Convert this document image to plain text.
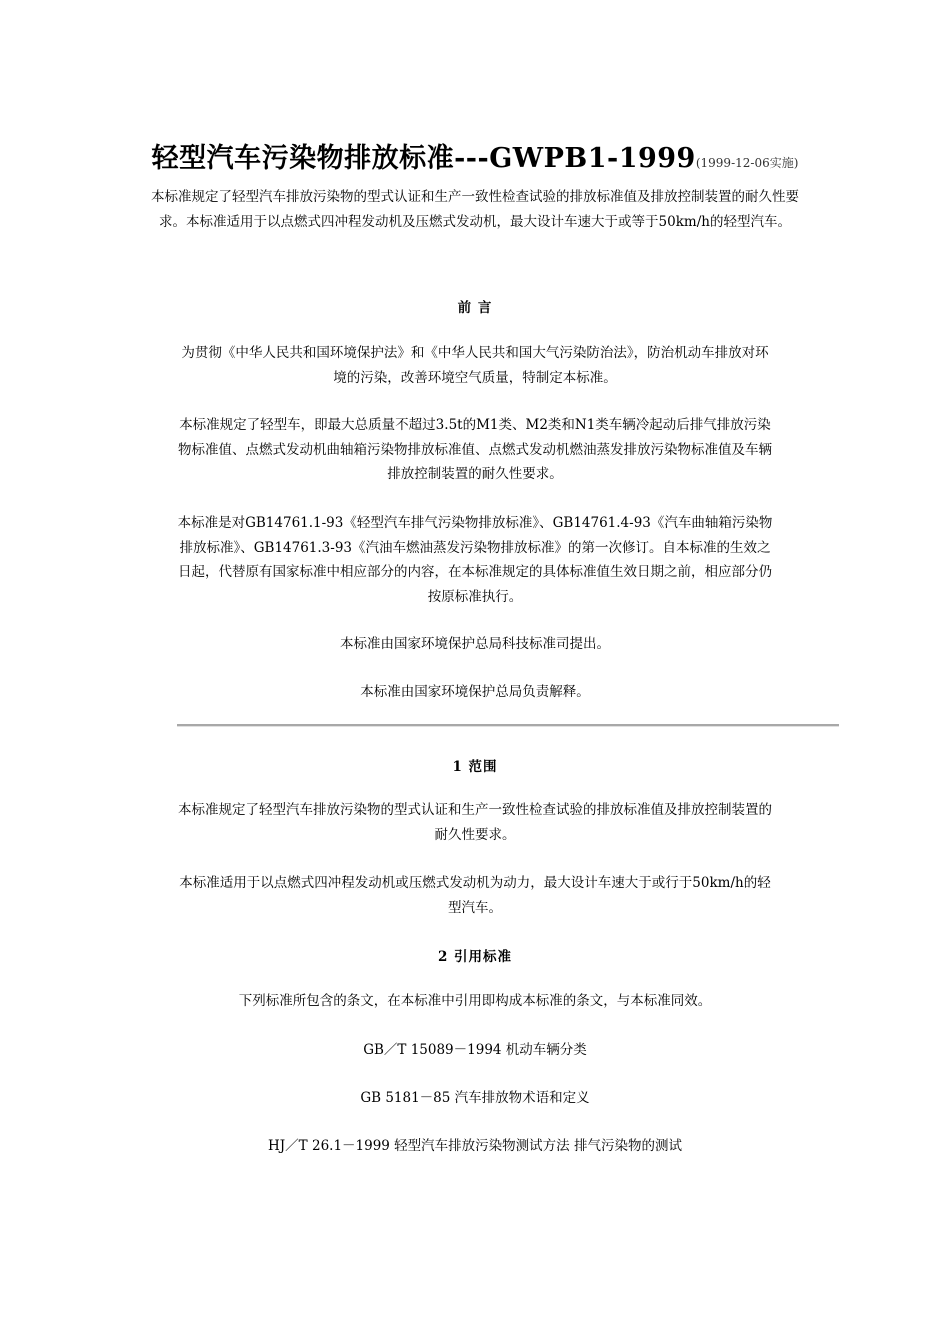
轻型汽车污染物排放标准---GWPB1-1999(1999-12-06实施)
本标准规定了轻型汽车排放污染物的型式认证和生产一致性检查试验的排放标准值及排放控制装置的耐久性要求。本标准适用于以点燃式四冲程发动机及压燃式发动机，最大设计车速大于或等于50km/h的轻型汽车。
前 言
为贯彻《中华人民共和国环境保护法》和《中华人民共和国大气污染防治法》，防治机动车排放对环境的污染，改善环境空气质量，特制定本标准。
本标准规定了轻型车，即最大总质量不超过3.5t的M1类、M2类和N1类车辆冷起动后排气排放污染物标准值、点燃式发动机曲轴箱污染物排放标准值、点燃式发动机燃油蒸发排放污染物标准值及车辆排放控制装置的耐久性要求。
本标准是对GB14761.1-93《轻型汽车排气污染物排放标准》、GB14761.4-93《汽车曲轴箱污染物排放标准》、GB14761.3-93《汽油车燃油蒸发污染物排放标准》的第一次修订。自本标准的生效之日起，代替原有国家标准中相应部分的内容，在本标准规定的具体标准值生效日期之前，相应部分仍按原标准执行。
本标准由国家环境保护总局科技标准司提出。
本标准由国家环境保护总局负责解释。
1 范围
本标准规定了轻型汽车排放污染物的型式认证和生产一致性检查试验的排放标准值及排放控制装置的耐久性要求。
本标准适用于以点燃式四冲程发动机或压燃式发动机为动力，最大设计车速大于或行于50km/h的轻型汽车。
2 引用标准
下列标准所包含的条文，在本标准中引用即构成本标准的条文，与本标准同效。
GB／T 15089－1994 机动车辆分类
GB 5181－85 汽车排放物术语和定义
HJ／T 26.1－1999 轻型汽车排放污染物测试方法 排气污染物的测试
